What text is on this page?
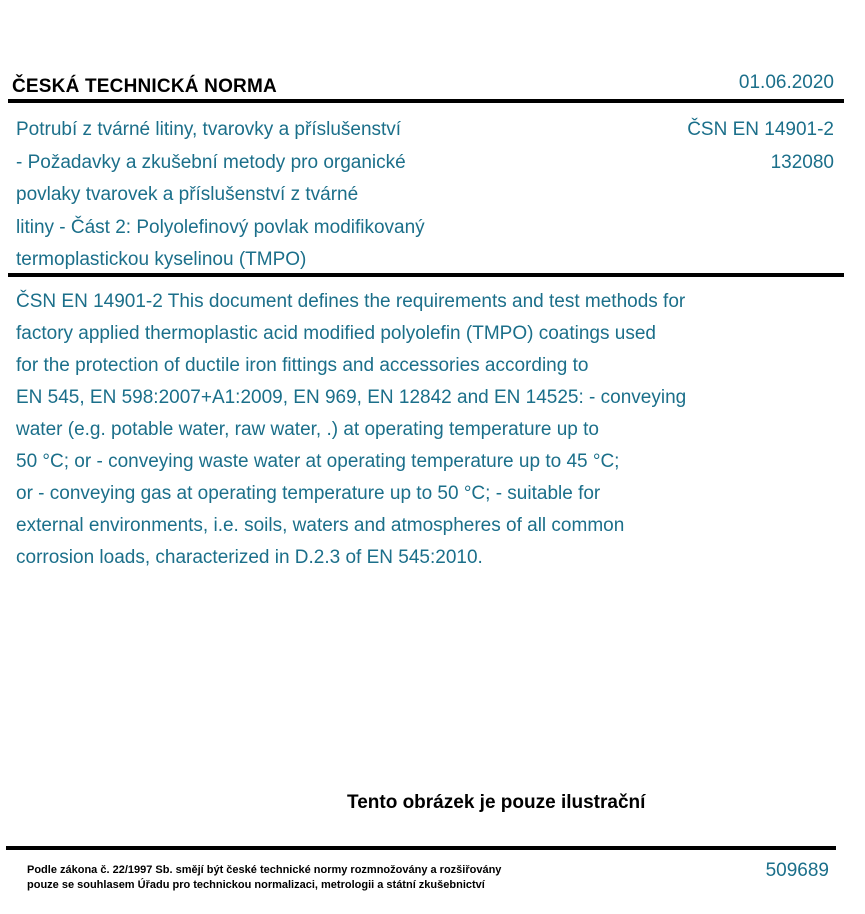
ČESKÁ TECHNICKÁ NORMA	01.06.2020
Potrubí z tvárné litiny, tvarovky a příslušenství
- Požadavky a zkušební metody pro organické
povlaky tvarovek a příslušenství z tvárné
litiny - Část 2: Polyolefinový povlak modifikovaný
termoplastickou kyselinou (TMPO)
ČSN EN 14901-2
132080
ČSN EN 14901-2 This document defines the requirements and test methods for
factory applied thermoplastic acid modified polyolefin (TMPO) coatings used
for the protection of ductile iron fittings and accessories according to
EN 545, EN 598:2007+A1:2009, EN 969, EN 12842 and EN 14525: - conveying
water (e.g. potable water, raw water, .) at operating temperature up to
50 °C; or - conveying waste water at operating temperature up to 45 °C;
or - conveying gas at operating temperature up to 50 °C; - suitable for
external environments, i.e. soils, waters and atmospheres of all common
corrosion loads, characterized in D.2.3 of EN 545:2010.
Tento obrázek je pouze ilustrační
Podle zákona č. 22/1997 Sb. smějí být české technické normy rozmnožovány a rozšiřovány
pouze se souhlasem Úřadu pro technickou normalizaci, metrologii a státní zkušebnictví
509689
